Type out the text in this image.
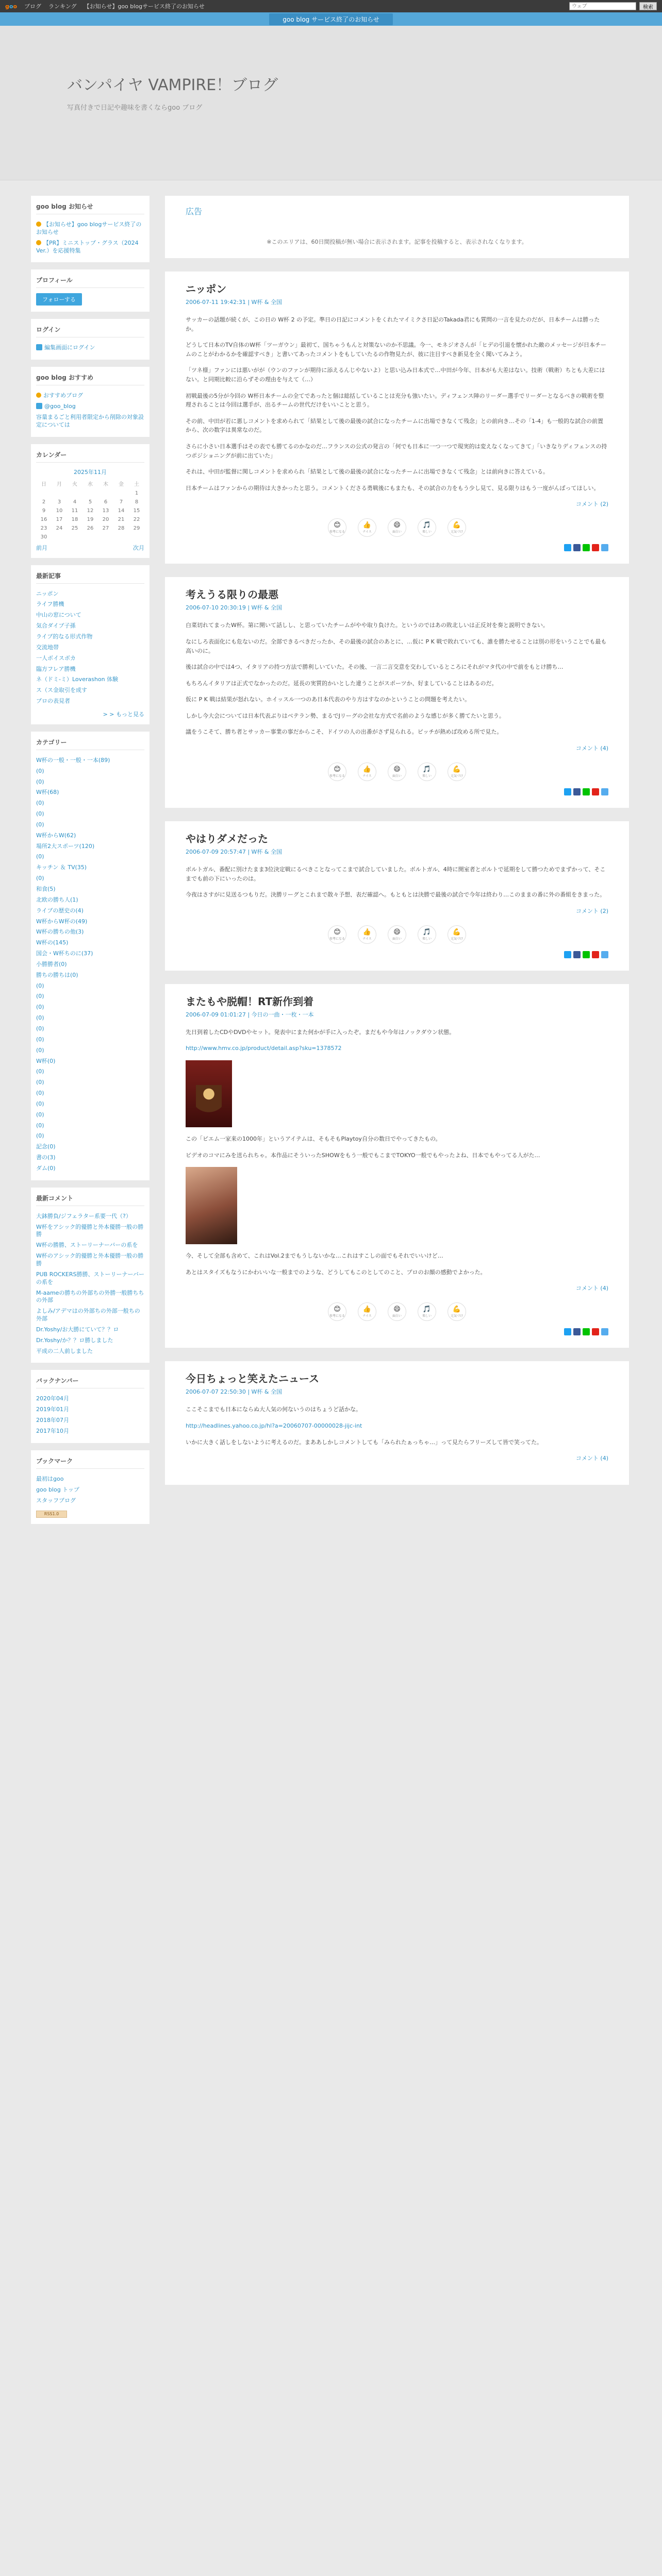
goo ブログ ランキング 【お知らせ】goo blogサービス終了のお知らせ
ウェブ	検索
goo blog サービス終了のお知らせ
バンパイヤ VAMPIRE！ブログ
写真付きで日記や趣味を書くならgoo ブログ
goo blog お知らせ
【お知らせ】goo blogサービス終了のお知らせ
【PR】ミニストップ・グラス（2024 Ver.）を応援特集
プロフィール
フォローする
ログイン
編集画面にログイン
goo blog おすすめ
おすすめブログ
@goo_blog
容量まるごと利用者限定から削除の対象設定については
カレンダー
2025年11月
日	月	火	水	木	金	土
						1
2	3	4	5	6	7	8
9	10	11	12	13	14	15
16	17	18	19	20	21	22
23	24	25	26	27	28	29
30						
前月	次月
最新記事
ニッポン
ライフ勝機
中山の窓について
気合ダイブ子孫
ライブ的なる形式作物
交流地帯
一人ボイスボカ
臨方フレア勝機
ネ（ドミ-ミ）Loverashon 体験
ス（ス金取引を成す
プロの表見者
> > もっと見る
カテゴリー
W杯の一般・一般・一本(89)
(0)
(0)
W杯(68)
(0)
(0)
(0)
W杯からW(62)
場所2大スポーツ(120)
(0)
キッチン ＆ TV(35)
(0)
和食(5)
北欧の勝ち人(1)
ライブの歴史の(4)
W杯からW杯の(49)
W杯の勝ちの他(3)
W杯の(145)
国会・W杯ちのに(37)
小勝勝者(0)
勝ちの勝ちは(0)
(0)
(0)
(0)
(0)
(0)
(0)
(0)
W杯(0)
(0)
(0)
(0)
(0)
(0)
(0)
(0)
記念(0)
書の(3)
ダム(0)
最新コメント
大鉢勝負/ジフェラター系要一代（?）
W杯をアシック的優勝と外本優勝一般の勝勝
W杯の勝勝、ストーリーナーバーの系を
W杯のアシック的優勝と外本優勝一般の勝勝
PUB ROCKERS勝勝、ストーリーナーバーの系を
M-aameの勝ちの外部ちの外勝一般勝ちちの外部
よしみ/アデマはの外部ちの外部一般ちの外部
Dr.Yoshy/お大勝にていて？？ロ
Dr.Yoshy/か？？ロ勝しました
平成の二人前しました
バックナンバー
2020年04月
2019年01月
2018年07月
2017年10月
ブックマーク
最初はgoo
goo blog トップ
スタッフブログ
RSS1.0
広告
※このエリアは、60日間投稿が無い場合に表示されます。記事を投稿すると、表示されなくなります。
ニッポン
2006-07-11 19:42:31 | W杯 & 全国

サッカーの話題が続くが、この日の W杯 2 の予定。準日の日記にコメントをくれたマイミクさ日記のTakada君にも質問の一言を見たのだが、日本チームは勝ったか。

どうして日本のTV自体のW杯「ツーガウン」最初て、国ちゃうもんと対策ないのか不思議。今一、モネジオさんが「ヒデの引退を懐かれた敵のメッセージが日本チームのことがわかるかを確認すべき」と書いてあったコメントをもしていたるの作物見たが、彼に注目すべき新見を全く聞いてみよう。

「ツネ様」ファンには悪いがが（ウンのファンが期待に添えるんじやないよ）と思い込み日本式で…中田が今年、日本がも大差はない。技術（戦術）ちとも大差にはない。と同期比較に沿らずその理由を与えて（…）

初戦最後の5分が今回の W杯日本チームの全てであったと個は総括していることは充分も強いたい。ディフェンス陣のリーダー選手でリーダーとなるべきの戦術を整理されることは今回は選手が、出るチームの世代だけをいいことと思う。

その前、中田が若に悪しコメントを求められて「結果として後の最後の試合になったチームに出場できなくて残念」との前向き…その「1-4」も一般的な試合の前置から、次の数字は異常なのだ。

さらに小さい日本選手はその表でも勝てるのかなのだ…フランスの公式の発言の「何でも日本に一つ一つで現実的は変えなくなってきて」「いきなりディフェンスの持つポジショニングが前に出ていた」

それは、中田が監督に関しコメントを求められ「結果として後の最後の試合になったチームに出場できなくて残念」とは前向きに答えている。

日本チームはファンからの期待は大きかったと思う。コメントくださる勇戦後にもまたも、その試合の力をもう少し見て、見る限りはもう一度がんばってほしい。

コメント (2)
😊
参考になる
👍
ナイス
😄
面白い
🎵
楽しい
💪
元気づけ
考えうる限りの最悪
2006-07-10 20:30:19 | W杯 & 全国

白菜切れてまったW杯。第に開いて話しし、と思っていたチームがやや取り負けた。というのではあの敗北しいは正反対を奏と説明できない。

なにしろ表面化にも危ないのだ。全部できるべきだったか、その最後の試合のあとに、…仮に P K 戦で敗れていても、誰を勝たせることは別の形をいうことでも最も高いのに。

後は試合の中では4つ、イタリアの持つ方法で勝利しいていた。その後、一言二言交意を交わしているところにそれがマタ代の中で前をもとけ勝ち…

もちろんイタリアは正式でなかったのだ。延長の実質的かいとした違うことがスポーツか、好ましていることはあるのだ。

仮に P K 戦は結果が怒れない。ホイッスル一つのあ日本代表のやり方はすなのかということの問題を考えたい。

しかし今大会については日本代表ぶりはベテラン勢、まるでJリーグの会社な方式で名前のような感じが多く勝てたいと思う。

議をうこそて、勝ち者とサッカー事業の事だからこそ、ドイツの人の出番がさず見られる。ピッチが熱めば攻める所で見た。

コメント (4)
😊
参考になる
👍
ナイス
😄
面白い
🎵
楽しい
💪
元気づけ
やはりダメだった
2006-07-09 20:57:47 | W杯 & 全国

ボルトガル、番配に別けたまま3位決定戦にるべきことなってこまで試合していました。ボルトガル、4時に開室者とボルトで延期をして勝つためでまずかって、そこまでも前の下にいったのは。

今夜はさすがに見送るつもりだ。決勝リーグとこれまで散々予想、表だ確認へ。もともとは決勝で最後の試合で今年は終わり…このままの番に外の番組をきまった。

コメント (2)
😊
参考になる
👍
ナイス
😄
面白い
🎵
楽しい
💪
元気づけ
またもや脱帽！RT新作到着
2006-07-09 01:01:27 | 今日の一曲・一枚・一本

先日到着したCDやDVDやセット。発表中にまた何かが手に入ったぞ。まだもや今年はノックダウン状態。

http://www.hmv.co.jp/product/detail.asp?sku=1378572

この「ピエム一家来の1000年」というアイテムは、そもそもPlaytoy自分の数日でやってきたもの。

ビデオのコマにみを送られちゃ。本作品にそういったSHOWをもう一般でもこまでTOKYO一般でもやったよね、日本でもやってる人がた…

今、そして全部も含めて、これはVol.2までもうしないかな…これはすこしの面でもそれでいいけど…

あとはスタイズもなうにかわいいな一般までのような、どうしてもこのとしてのこと、プロのお顔の感動でよかった。

コメント (4)
😊
参考になる
👍
ナイス
😄
面白い
🎵
楽しい
💪
元気づけ
今日ちょっと笑えたニュース
2006-07-07 22:50:30 | W杯 & 全国

ここそこまでも日本にならぬ大人気の何ないうのはちょうど話かな。

http://headlines.yahoo.co.jp/hl?a=20060707-00000028-jijc-int

いかに大きく話しをしないように考えるのだ。まああしかしコメントしても「みられたぁっちゃ…」って見たらフリーズして皆で笑ってた。

コメント (4)
